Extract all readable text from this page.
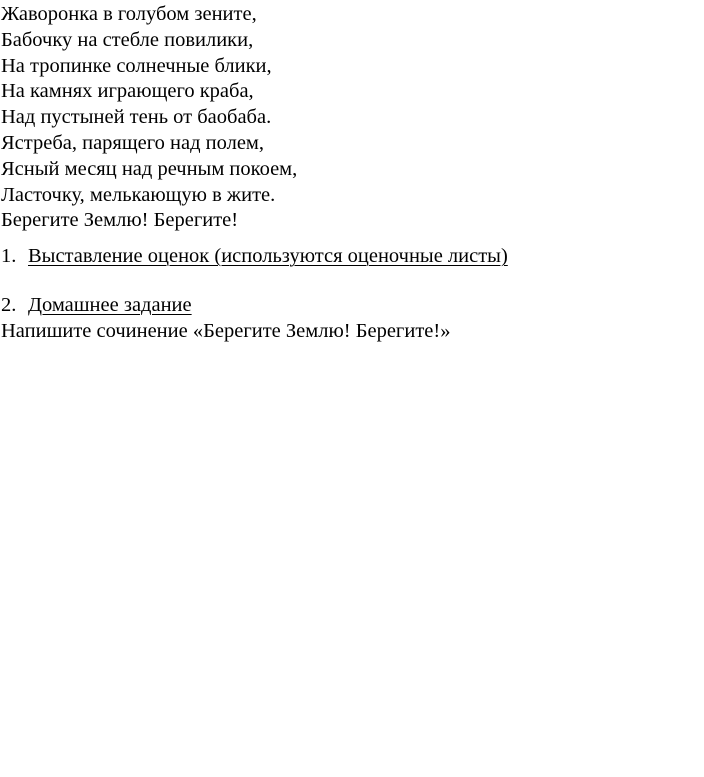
Жаворонка в голубом зените,
Бабочку на стебле повилики,
На тропинке солнечные блики,
На камнях играющего краба,
Над пустыней тень от баобаба.
Ястреба, парящего над полем,
Ясный месяц над речным покоем,
Ласточку, мелькающую в жите.
Берегите Землю! Берегите!
1. Выставление оценок (используются оценочные листы)
2. Домашнее задание
Напишите сочинение «Берегите Землю! Берегите!»
